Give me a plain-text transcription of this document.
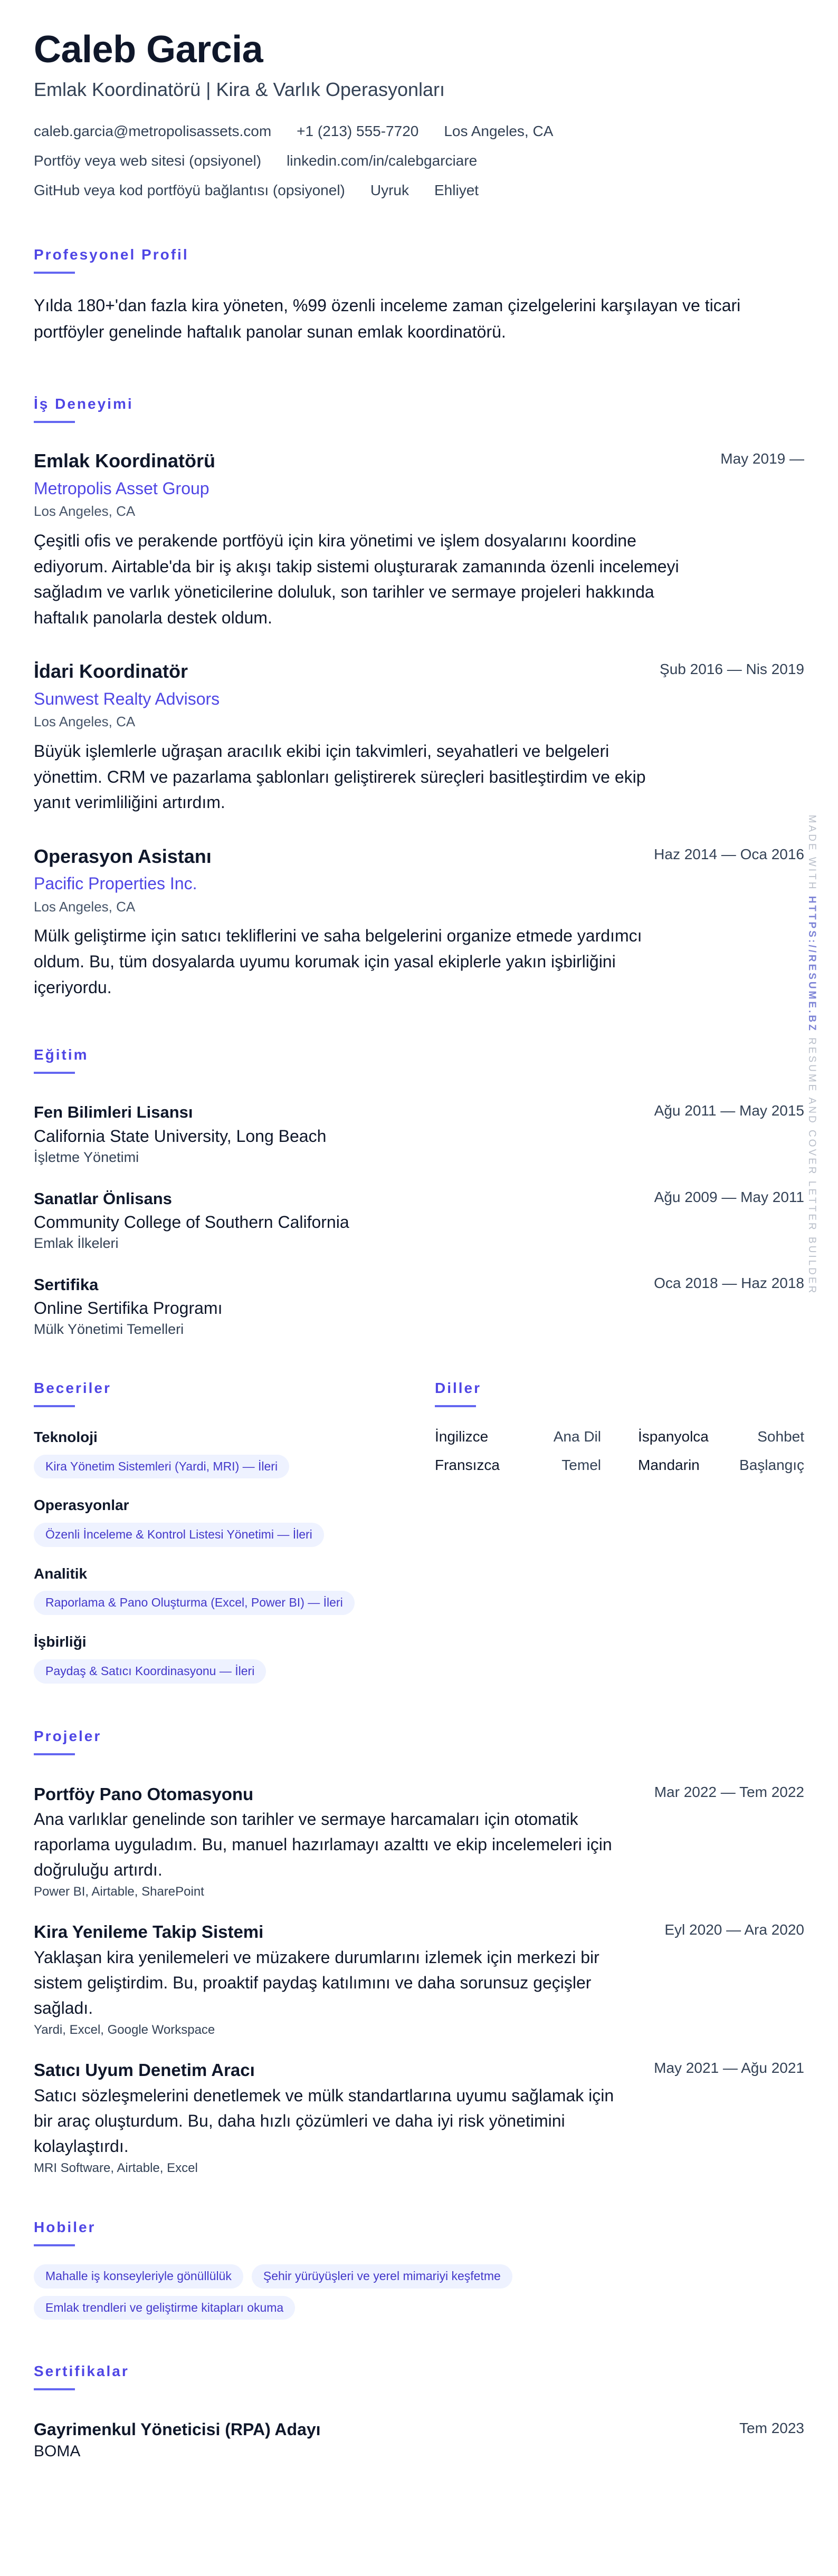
Caleb Garcia
Emlak Koordinatörü | Kira & Varlık Operasyonları
caleb.garcia@metropolisassets.com +1 (213) 555-7720 Los Angeles, CA
Portföy veya web sitesi (opsiyonel) linkedin.com/in/calebgarciare
GitHub veya kod portföyü bağlantısı (opsiyonel) Uyruk Ehliyet
Profesyonel Profil
Yılda 180+'dan fazla kira yöneten, %99 özenli inceleme zaman çizelgelerini karşılayan ve ticari portföyler genelinde haftalık panolar sunan emlak koordinatörü.
İş Deneyimi
Emlak Koordinatörü	May 2019 —
Metropolis Asset Group
Los Angeles, CA
Çeşitli ofis ve perakende portföyü için kira yönetimi ve işlem dosyalarını koordine ediyorum. Airtable'da bir iş akışı takip sistemi oluşturarak zamanında özenli incelemeyi sağladım ve varlık yöneticilerine doluluk, son tarihler ve sermaye projeleri hakkında haftalık panolarla destek oldum.
İdari Koordinatör	Şub 2016 — Nis 2019
Sunwest Realty Advisors
Los Angeles, CA
Büyük işlemlerle uğraşan aracılık ekibi için takvimleri, seyahatleri ve belgeleri yönettim. CRM ve pazarlama şablonları geliştirerek süreçleri basitleştirdim ve ekip yanıt verimliliğini artırdım.
Operasyon Asistanı	Haz 2014 — Oca 2016
Pacific Properties Inc.
Los Angeles, CA
Mülk geliştirme için satıcı tekliflerini ve saha belgelerini organize etmede yardımcı oldum. Bu, tüm dosyalarda uyumu korumak için yasal ekiplerle yakın işbirliğini içeriyordu.
Eğitim
Fen Bilimleri Lisansı	Ağu 2011 — May 2015
California State University, Long Beach
İşletme Yönetimi
Sanatlar Önlisans	Ağu 2009 — May 2011
Community College of Southern California
Emlak İlkeleri
Sertifika	Oca 2018 — Haz 2018
Online Sertifika Programı
Mülk Yönetimi Temelleri
Beceriler
Teknoloji
Kira Yönetim Sistemleri (Yardi, MRI) — İleri
Operasyonlar
Özenli İnceleme & Kontrol Listesi Yönetimi — İleri
Analitik
Raporlama & Pano Oluşturma (Excel, Power BI) — İleri
İşbirliği
Paydaş & Satıcı Koordinasyonu — İleri
Diller
İngilizce	Ana Dil	İspanyolca	Sohbet
Fransızca	Temel	Mandarin	Başlangıç
Projeler
Portföy Pano Otomasyonu	Mar 2022 — Tem 2022
Ana varlıklar genelinde son tarihler ve sermaye harcamaları için otomatik raporlama uyguladım. Bu, manuel hazırlamayı azalttı ve ekip incelemeleri için doğruluğu artırdı.
Power BI, Airtable, SharePoint
Kira Yenileme Takip Sistemi	Eyl 2020 — Ara 2020
Yaklaşan kira yenilemeleri ve müzakere durumlarını izlemek için merkezi bir sistem geliştirdim. Bu, proaktif paydaş katılımını ve daha sorunsuz geçişler sağladı.
Yardi, Excel, Google Workspace
Satıcı Uyum Denetim Aracı	May 2021 — Ağu 2021
Satıcı sözleşmelerini denetlemek ve mülk standartlarına uyumu sağlamak için bir araç oluşturdum. Bu, daha hızlı çözümleri ve daha iyi risk yönetimini kolaylaştırdı.
MRI Software, Airtable, Excel
Hobiler
Mahalle iş konseyleriyle gönüllülük	Şehir yürüyüşleri ve yerel mimariyi keşfetme
Emlak trendleri ve geliştirme kitapları okuma
Sertifikalar
Gayrimenkul Yöneticisi (RPA) Adayı	Tem 2023
BOMA
MADE WITH HTTPS://RESUME.BZ RESUME AND COVER LETTER BUILDER
